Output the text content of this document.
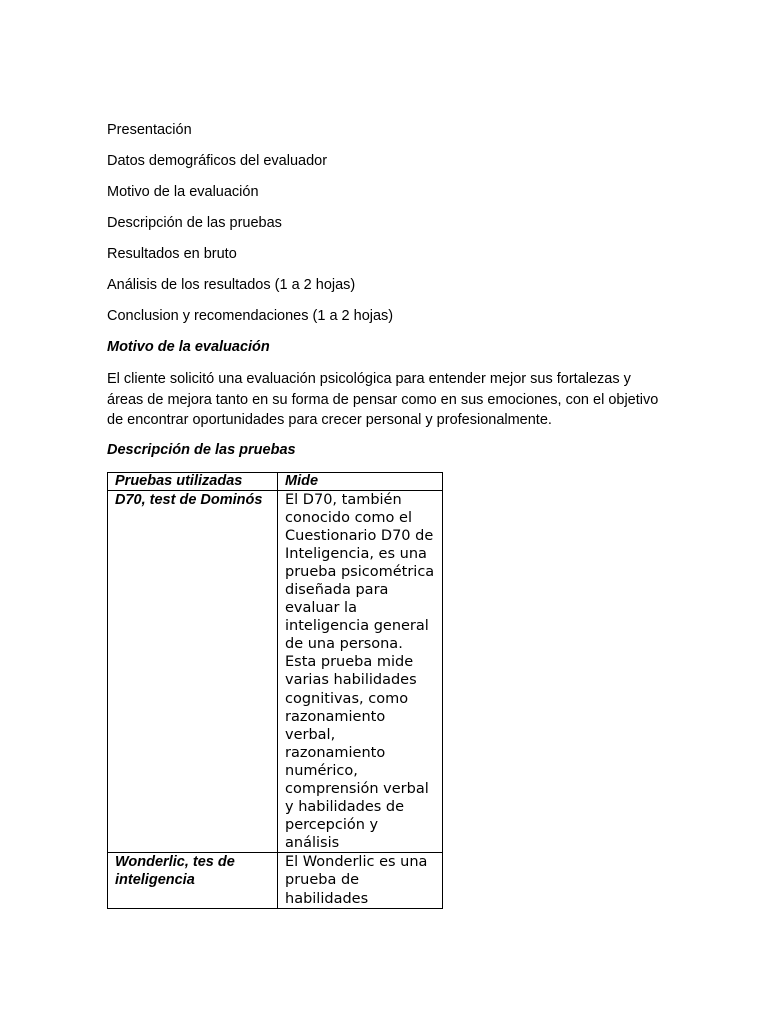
Presentación

Datos demográficos del evaluador

Motivo de la evaluación

Descripción de las pruebas

Resultados en bruto

Análisis de los resultados (1 a 2 hojas)

Conclusion y recomendaciones (1 a 2 hojas)

Motivo de la evaluación

El cliente solicitó una evaluación psicológica para entender mejor sus fortalezas y áreas de mejora tanto en su forma de pensar como en sus emociones, con el objetivo de encontrar oportunidades para crecer personal y profesionalmente.

Descripción de las pruebas
Pruebas utilizadas	Mide
D70, test de Dominós	El D70, también conocido como el Cuestionario D70 de Inteligencia, es una prueba psicométrica diseñada para evaluar la inteligencia general de una persona. Esta prueba mide varias habilidades cognitivas, como razonamiento verbal, razonamiento numérico, comprensión verbal y habilidades de percepción y análisis
Wonderlic, tes de inteligencia	El Wonderlic es una prueba de habilidades
